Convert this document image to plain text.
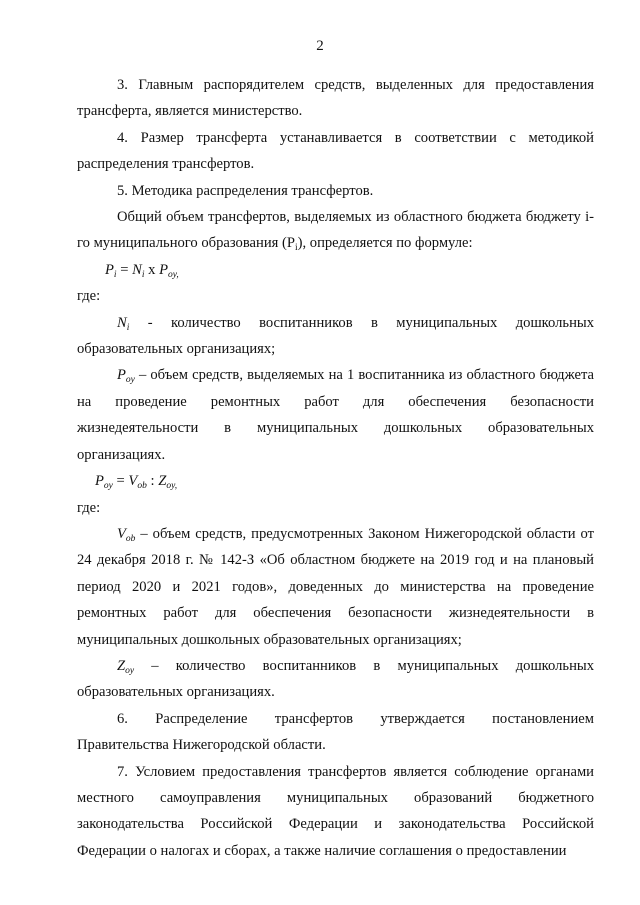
2

3. Главным распорядителем средств, выделенных для предоставления трансферта, является министерство.

4. Размер трансферта устанавливается в соответствии с методикой распределения трансфертов.

5. Методика распределения трансфертов.

Общий объем трансфертов, выделяемых из областного бюджета бюджету i-го муниципального образования $(P_i)$, определяется по формуле:

$P_i = N_i$ x $P_{oy,}$

где:

$N_i$ - количество воспитанников в муниципальных дошкольных образовательных организациях;

$P_{oy}$ – объем средств, выделяемых на 1 воспитанника из областного бюджета на проведение ремонтных работ для обеспечения безопасности жизнедеятельности в муниципальных дошкольных образовательных организациях.

$P_{oy} = V_{ob}$ : $Z_{oy,}$

где:

$V_{ob}$ – объем средств, предусмотренных Законом Нижегородской области от 24 декабря 2018 г. № 142-З «Об областном бюджете на 2019 год и на плановый период 2020 и 2021 годов», доведенных до министерства на проведение ремонтных работ для обеспечения безопасности жизнедеятельности в муниципальных дошкольных образовательных организациях;

$Z_{oy}$ – количество воспитанников в муниципальных дошкольных образовательных организациях.

6. Распределение трансфертов утверждается постановлением Правительства Нижегородской области.

7. Условием предоставления трансфертов является соблюдение органами местного самоуправления муниципальных образований бюджетного законодательства Российской Федерации и законодательства Российской Федерации о налогах и сборах, а также наличие соглашения о предоставлении
